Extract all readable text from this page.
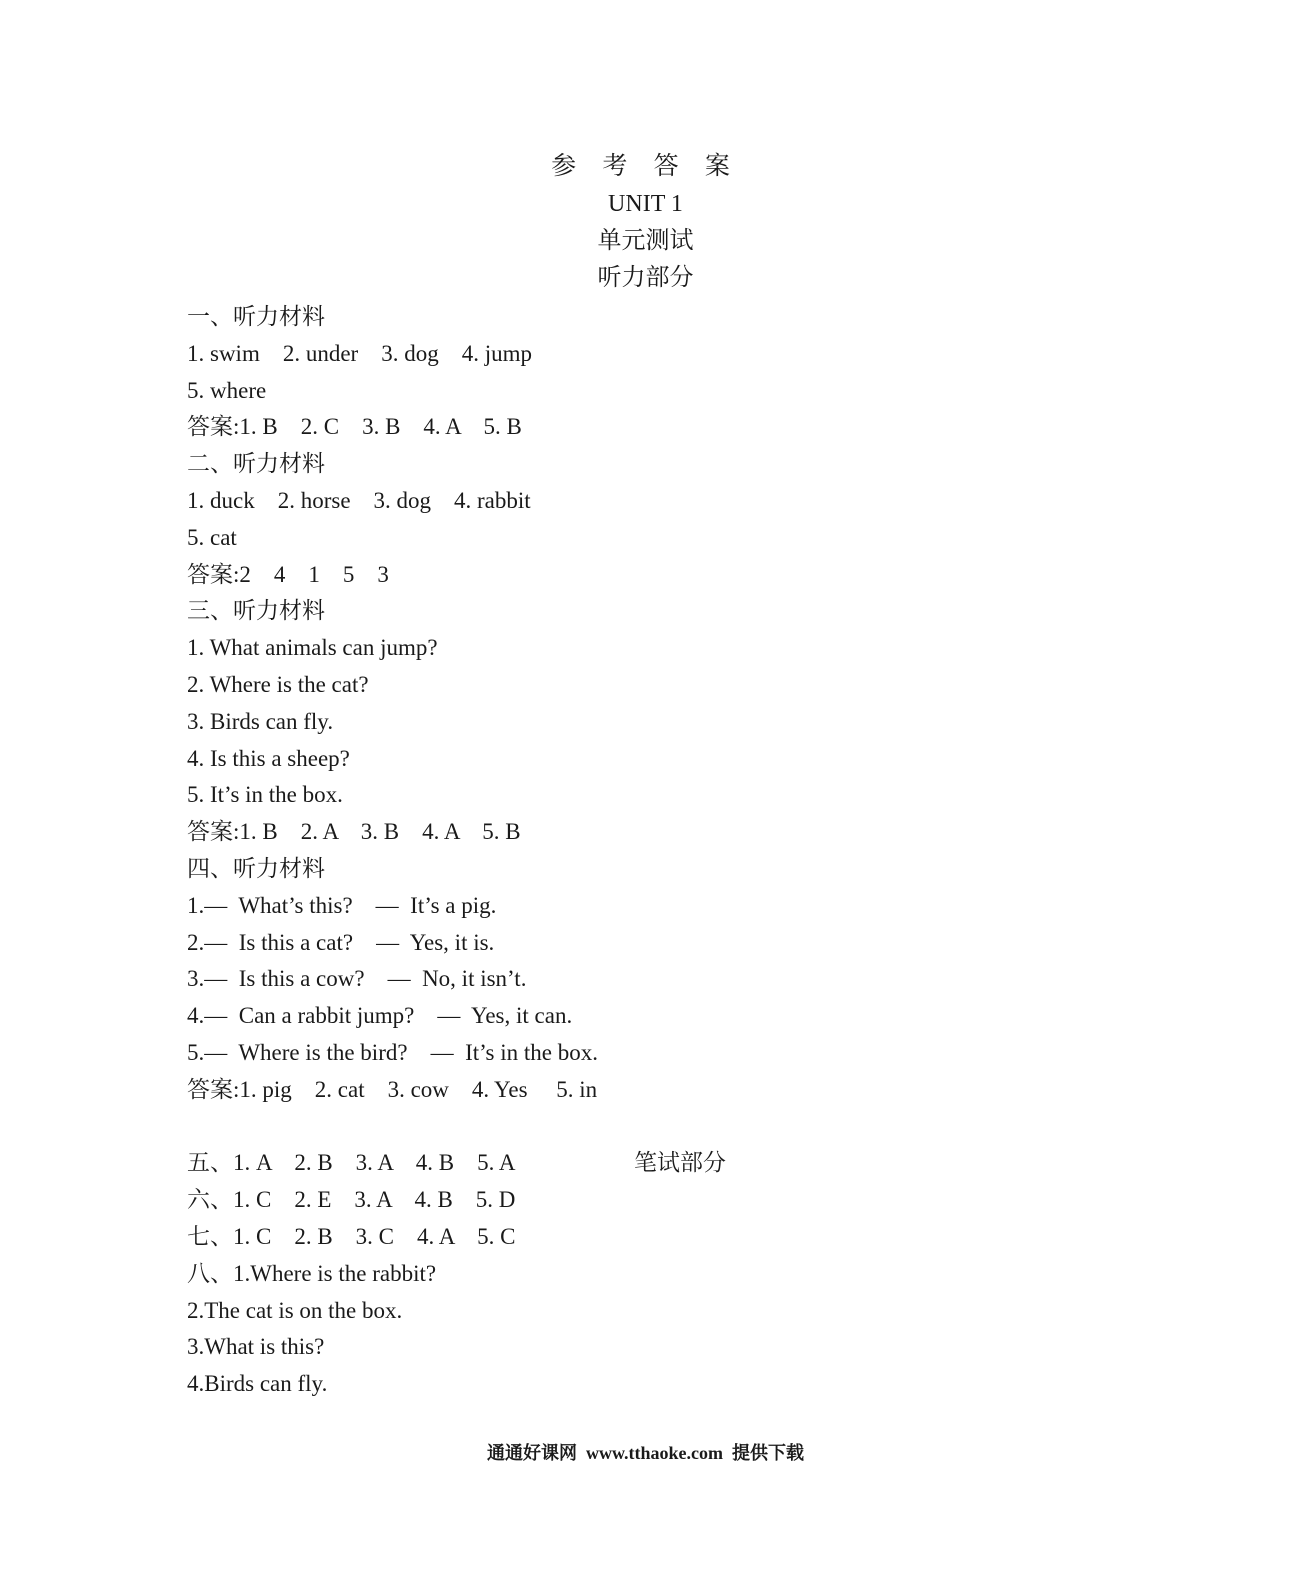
参 考 答 案
UNIT 1
单元测试
听力部分
一、听力材料
1. swim    2. under    3. dog    4. jump
5. where
答案:1. B    2. C    3. B    4. A    5. B
二、听力材料
1. duck    2. horse    3. dog    4. rabbit
5. cat
答案:2    4    1    5    3
三、听力材料
1. What animals can jump?
2. Where is the cat?
3. Birds can fly.
4. Is this a sheep?
5. It’s in the box.
答案:1. B    2. A    3. B    4. A    5. B
四、听力材料
1.—  What’s this?    —  It’s a pig.
2.—  Is this a cat?    —  Yes, it is.
3.—  Is this a cow?    —  No, it isn’t.
4.—  Can a rabbit jump?    —  Yes, it can.
5.—  Where is the bird?    —  It’s in the box.
答案:1. pig    2. cat    3. cow    4. Yes     5. in

笔试部分

五、1. A    2. B    3. A    4. B    5. A
六、1. C    2. E    3. A    4. B    5. D
七、1. C    2. B    3. C    4. A    5. C
八、1.Where is the rabbit?
2.The cat is on the box.
3.What is this?
4.Birds can fly.
通通好课网  www.tthaoke.com  提供下载
